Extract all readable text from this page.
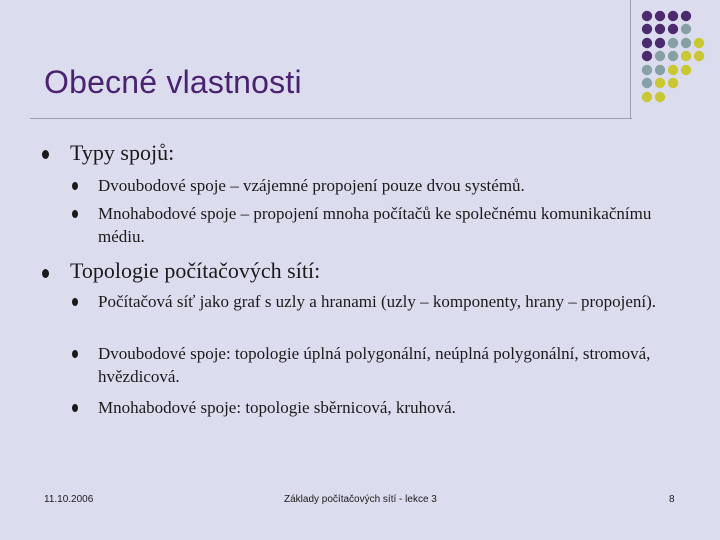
Obecné vlastnosti
Typy spojů:
Dvoubodové spoje – vzájemné propojení pouze dvou systémů.
Mnohabodové spoje – propojení mnoha počítačů ke společnému komunikačnímu médiu.
Topologie počítačových sítí:
Počítačová síť jako graf s uzly a hranami (uzly – komponenty, hrany – propojení).
Dvoubodové spoje: topologie úplná polygonální, neúplná polygonální, stromová, hvězdicová.
Mnohabodové spoje: topologie sběrnicová, kruhová.
11.10.2006	Základy počítačových sítí - lekce 3	8
